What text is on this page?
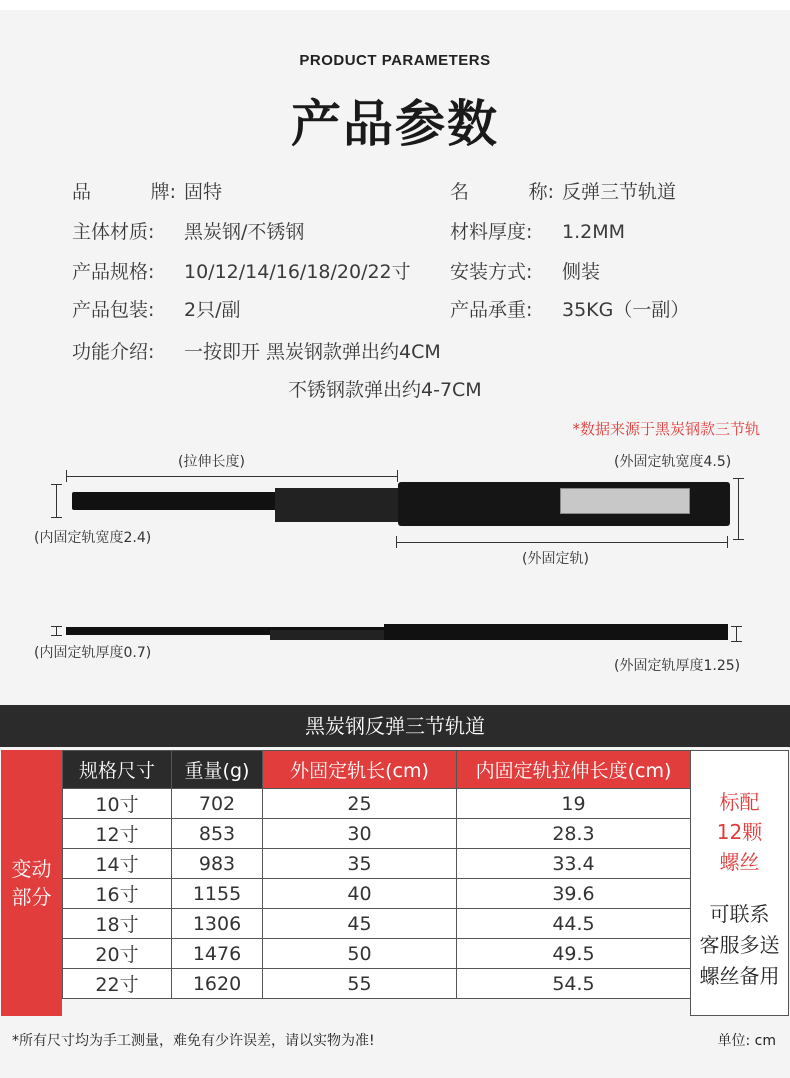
PRODUCT PARAMETERS
产品参数
品	牌: 固特	名	称: 反弹三节轨道
主体材质: 黑炭钢/不锈钢	材料厚度: 1.2MM
产品规格: 10/12/14/16/18/20/22寸 安装方式: 侧装
产品包装: 2只/副	产品承重: 35KG（一副）
功能介绍: 一按即开 黑炭钢款弹出约4CM
不锈钢款弹出约4-7CM
*数据来源于黑炭钢款三节轨
(拉伸长度)	(外固定轨宽度4.5)
(内固定轨宽度2.4)
(外固定轨)
(内固定轨厚度0.7)
(外固定轨厚度1.25)
黑炭钢反弹三节轨道
变动
部分
规格尺寸	重量(g)	外固定轨长(cm)	内固定轨拉伸长度(cm)
10寸	702	25	19
12寸	853	30	28.3
14寸	983	35	33.4
16寸	1155	40	39.6
18寸	1306	45	44.5
20寸	1476	50	49.5
22寸	1620	55	54.5
标配
12颗
螺丝
可联系
客服多送
螺丝备用
*所有尺寸均为手工测量，难免有少许误差，请以实物为准!	单位: cm
